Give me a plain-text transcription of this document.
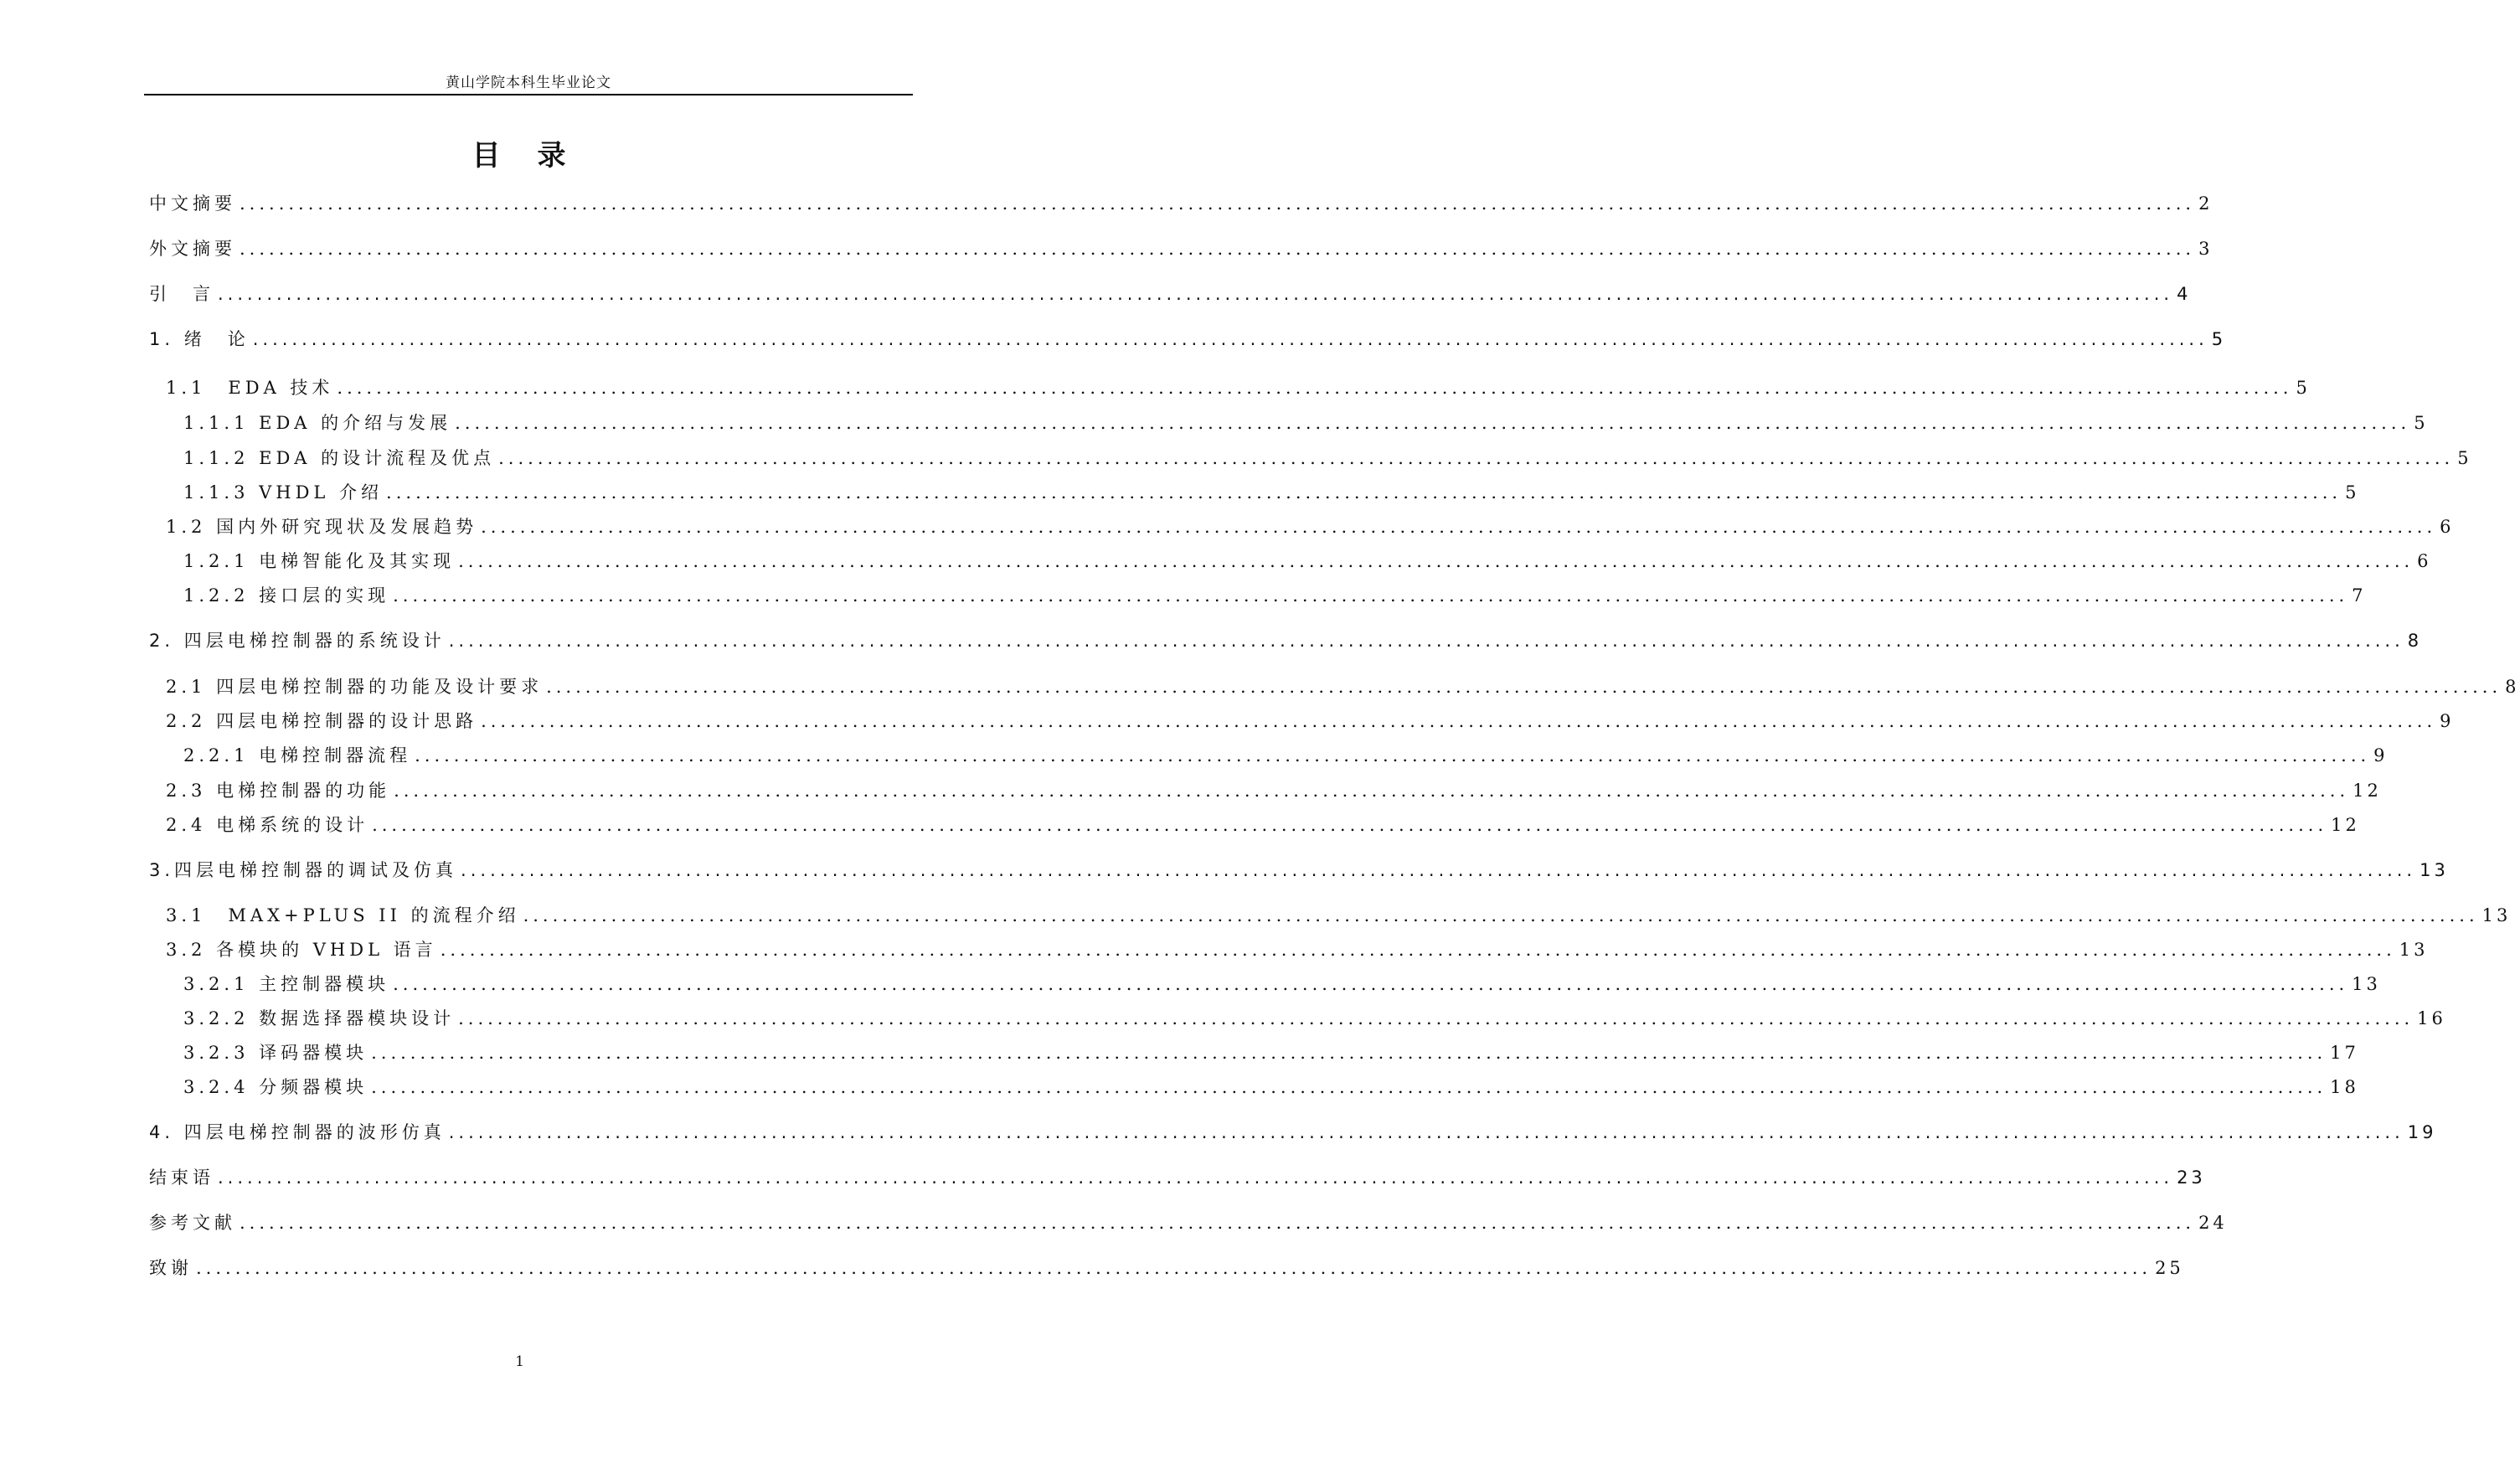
黄山学院本科生毕业论文
目 录
中文摘要 ........................................................................................................................................................................................................ 2
外文摘要 ........................................................................................................................................................................................................ 3
引　言 ........................................................................................................................................................................................................ 4
1. 绪　论 ........................................................................................................................................................................................................ 5
1.1　EDA 技术 ........................................................................................................................................................................................................ 5
1.1.1 EDA 的介绍与发展 ........................................................................................................................................................................................................ 5
1.1.2 EDA 的设计流程及优点 ........................................................................................................................................................................................................ 5
1.1.3 VHDL 介绍 ........................................................................................................................................................................................................ 5
1.2 国内外研究现状及发展趋势 ........................................................................................................................................................................................................ 6
1.2.1 电梯智能化及其实现 ........................................................................................................................................................................................................ 6
1.2.2 接口层的实现 ........................................................................................................................................................................................................ 7
2. 四层电梯控制器的系统设计 ........................................................................................................................................................................................................ 8
2.1 四层电梯控制器的功能及设计要求 ........................................................................................................................................................................................................ 8
2.2 四层电梯控制器的设计思路 ........................................................................................................................................................................................................ 9
2.2.1 电梯控制器流程 ........................................................................................................................................................................................................ 9
2.3 电梯控制器的功能 ........................................................................................................................................................................................................ 12
2.4 电梯系统的设计 ........................................................................................................................................................................................................ 12
3.四层电梯控制器的调试及仿真 ........................................................................................................................................................................................................ 13
3.1　MAX+PLUS II 的流程介绍 ........................................................................................................................................................................................................ 13
3.2 各模块的 VHDL 语言 ........................................................................................................................................................................................................ 13
3.2.1 主控制器模块 ........................................................................................................................................................................................................ 13
3.2.2 数据选择器模块设计 ........................................................................................................................................................................................................ 16
3.2.3 译码器模块 ........................................................................................................................................................................................................ 17
3.2.4 分频器模块 ........................................................................................................................................................................................................ 18
4. 四层电梯控制器的波形仿真 ........................................................................................................................................................................................................ 19
结束语 ........................................................................................................................................................................................................ 23
参考文献 ........................................................................................................................................................................................................ 24
致谢 ........................................................................................................................................................................................................ 25
1
